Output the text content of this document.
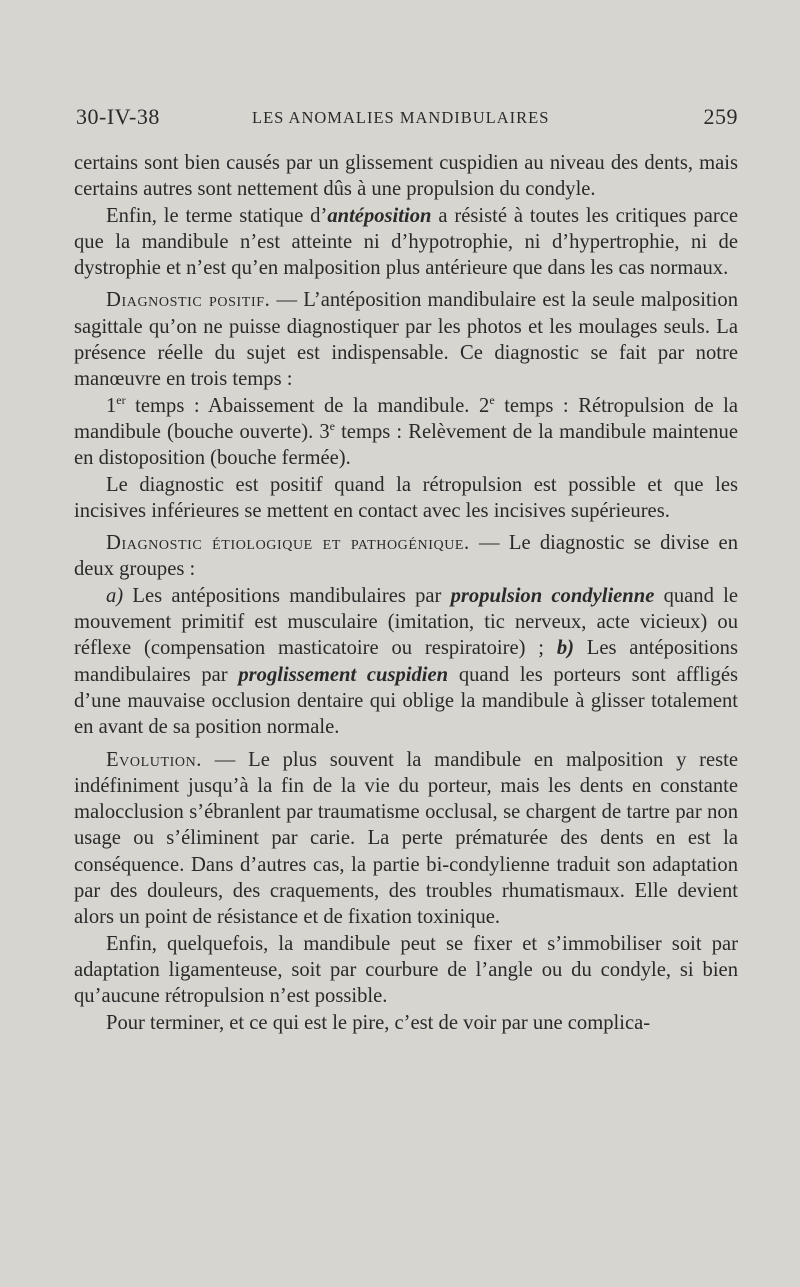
30-IV-38	LES ANOMALIES MANDIBULAIRES	259

certains sont bien causés par un glissement cuspidien au niveau des dents, mais certains autres sont nettement dûs à une propulsion du condyle.

Enfin, le terme statique d’antéposition a résisté à toutes les critiques parce que la mandibule n’est atteinte ni d’hypotrophie, ni d’hypertrophie, ni de dystrophie et n’est qu’en malposition plus antérieure que dans les cas normaux.

Diagnostic positif. — L’antéposition mandibulaire est la seule malposition sagittale qu’on ne puisse diagnostiquer par les photos et les moulages seuls. La présence réelle du sujet est indispensable. Ce diagnostic se fait par notre manœuvre en trois temps :

1er temps : Abaissement de la mandibule. 2e temps : Rétropulsion de la mandibule (bouche ouverte). 3e temps : Relèvement de la mandibule maintenue en distoposition (bouche fermée).

Le diagnostic est positif quand la rétropulsion est possible et que les incisives inférieures se mettent en contact avec les incisives supérieures.

Diagnostic étiologique et pathogénique. — Le diagnostic se divise en deux groupes :

a) Les antépositions mandibulaires par propulsion condylienne quand le mouvement primitif est musculaire (imitation, tic nerveux, acte vicieux) ou réflexe (compensation masticatoire ou respiratoire) ; b) Les antépositions mandibulaires par proglissement cuspidien quand les porteurs sont affligés d’une mauvaise occlusion dentaire qui oblige la mandibule à glisser totalement en avant de sa position normale.

Evolution. — Le plus souvent la mandibule en malposition y reste indéfiniment jusqu’à la fin de la vie du porteur, mais les dents en constante malocclusion s’ébranlent par traumatisme occlusal, se chargent de tartre par non usage ou s’éliminent par carie. La perte prématurée des dents en est la conséquence. Dans d’autres cas, la partie bi-condylienne traduit son adaptation par des douleurs, des craquements, des troubles rhumatismaux. Elle devient alors un point de résistance et de fixation toxinique.

Enfin, quelquefois, la mandibule peut se fixer et s’immobiliser soit par adaptation ligamenteuse, soit par courbure de l’angle ou du condyle, si bien qu’aucune rétropulsion n’est possible.

Pour terminer, et ce qui est le pire, c’est de voir par une complica-
